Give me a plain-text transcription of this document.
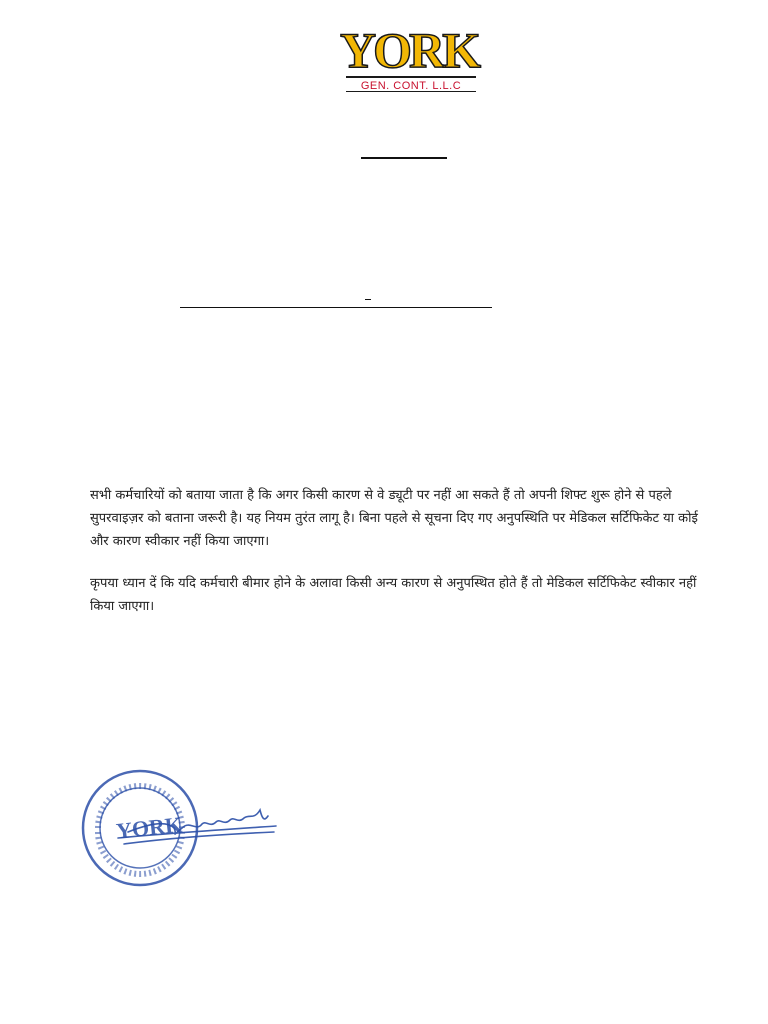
YORK
GEN. CONT. L.L.C

सभी कर्मचारियों को बताया जाता है कि अगर किसी कारण से वे ड्यूटी पर नहीं आ सकते हैं तो अपनी शिफ्ट शुरू होने से पहले सुपरवाइज़र को बताना जरूरी है। यह नियम तुरंत लागू है। बिना पहले से सूचना दिए गए अनुपस्थिति पर मेडिकल सर्टिफिकेट या कोई और कारण स्वीकार नहीं किया जाएगा।

कृपया ध्यान दें कि यदि कर्मचारी बीमार होने के अलावा किसी अन्य कारण से अनुपस्थित होते हैं तो मेडिकल सर्टिफिकेट स्वीकार नहीं किया जाएगा।

YORK
